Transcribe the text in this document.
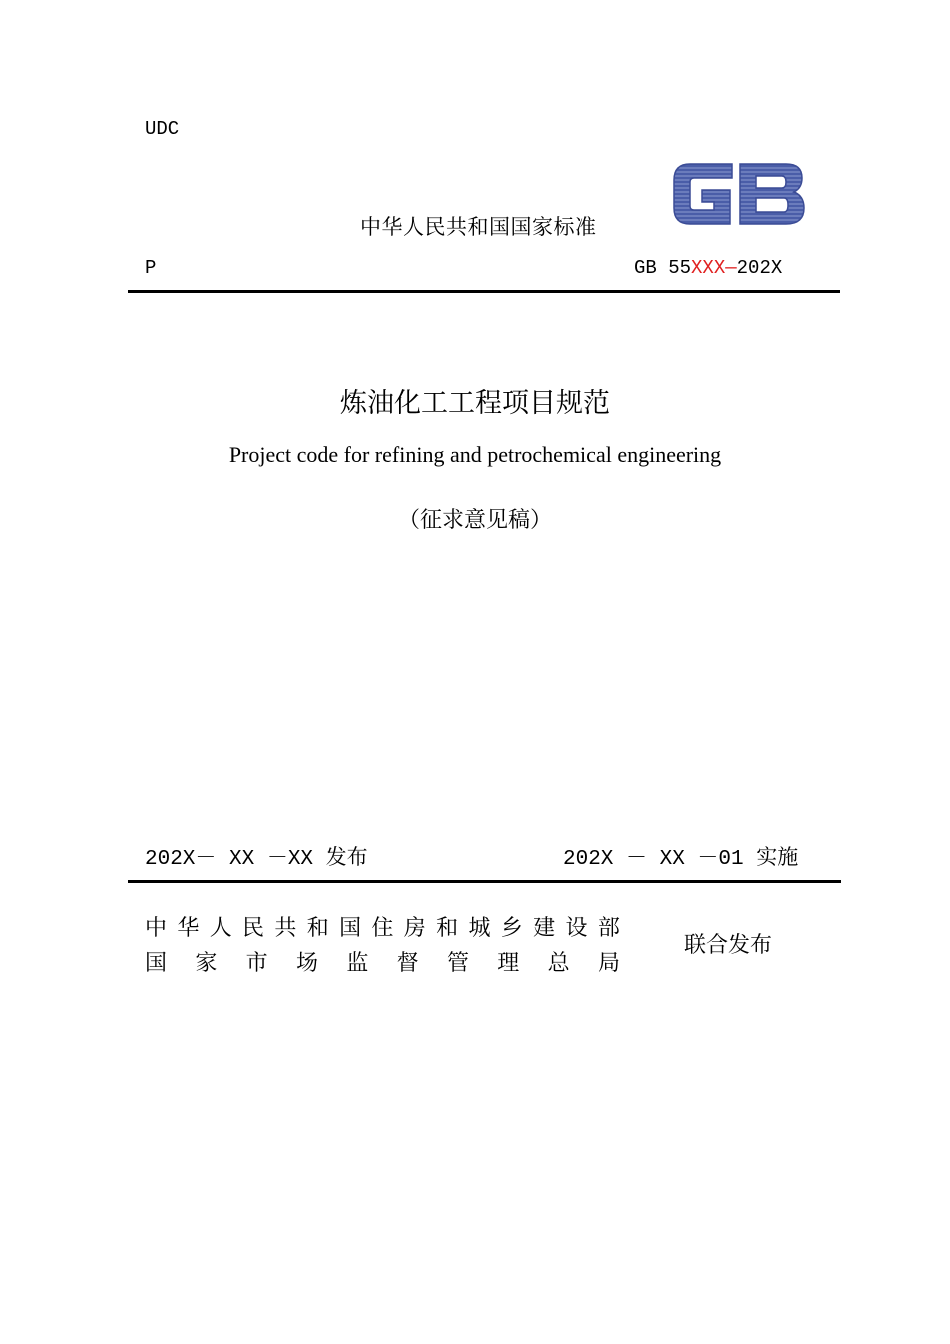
UDC
中华人民共和国国家标准
P	GB 55XXX—202X
炼油化工工程项目规范
Project code for refining and petrochemical engineering
（征求意见稿）
202X－ XX －XX 发布	202X － XX －01 实施
中 华 人 民 共 和 国 住 房 和 城 乡 建 设 部
国 家 市 场 监 督 管 理 总 局
联合发布
